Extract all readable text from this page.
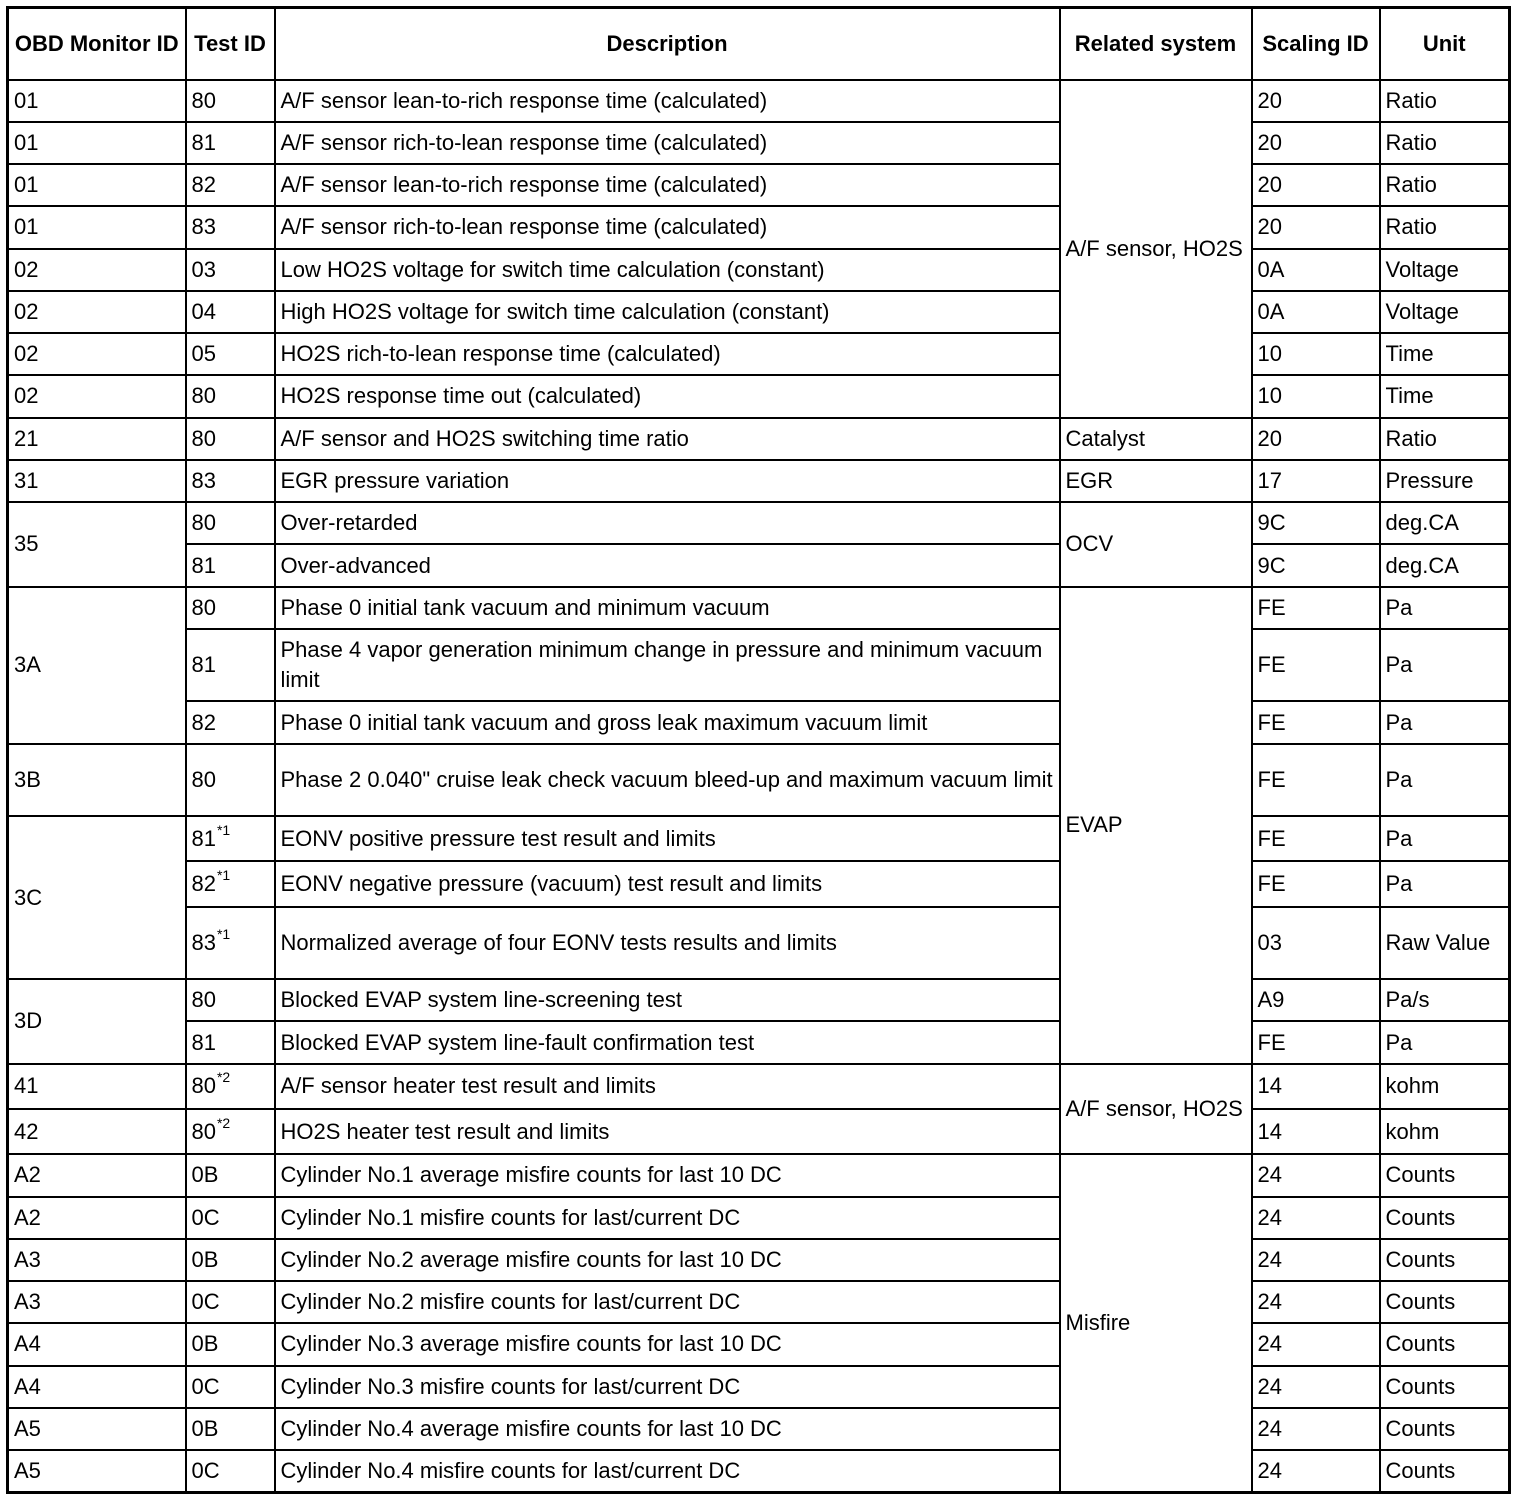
OBD Monitor ID	Test ID	Description	Related system	Scaling ID	Unit
01	80	A/F sensor lean-to-rich response time (calculated)	A/F sensor, HO2S	20	Ratio
01	81	A/F sensor rich-to-lean response time (calculated)		20	Ratio
01	82	A/F sensor lean-to-rich response time (calculated)		20	Ratio
01	83	A/F sensor rich-to-lean response time (calculated)		20	Ratio
02	03	Low HO2S voltage for switch time calculation (constant)		0A	Voltage
02	04	High HO2S voltage for switch time calculation (constant)		0A	Voltage
02	05	HO2S rich-to-lean response time (calculated)		10	Time
02	80	HO2S response time out (calculated)		10	Time
21	80	A/F sensor and HO2S switching time ratio	Catalyst	20	Ratio
31	83	EGR pressure variation	EGR	17	Pressure
35	80	Over-retarded	OCV	9C	deg.CA
	81	Over-advanced		9C	deg.CA
3A	80	Phase 0 initial tank vacuum and minimum vacuum	EVAP	FE	Pa
	81	Phase 4 vapor generation minimum change in pressure and minimum vacuum limit		FE	Pa
	82	Phase 0 initial tank vacuum and gross leak maximum vacuum limit		FE	Pa
3B	80	Phase 2 0.040" cruise leak check vacuum bleed-up and maximum vacuum limit		FE	Pa
3C	81$^{*1}$	EONV positive pressure test result and limits		FE	Pa
	82$^{*1}$	EONV negative pressure (vacuum) test result and limits		FE	Pa
	83$^{*1}$	Normalized average of four EONV tests results and limits		03	Raw Value
3D	80	Blocked EVAP system line-screening test		A9	Pa/s
	81	Blocked EVAP system line-fault confirmation test		FE	Pa
41	80$^{*2}$	A/F sensor heater test result and limits	A/F sensor, HO2S	14	kohm
42	80$^{*2}$	HO2S heater test result and limits		14	kohm
A2	0B	Cylinder No.1 average misfire counts for last 10 DC	Misfire	24	Counts
A2	0C	Cylinder No.1 misfire counts for last/current DC		24	Counts
A3	0B	Cylinder No.2 average misfire counts for last 10 DC		24	Counts
A3	0C	Cylinder No.2 misfire counts for last/current DC		24	Counts
A4	0B	Cylinder No.3 average misfire counts for last 10 DC		24	Counts
A4	0C	Cylinder No.3 misfire counts for last/current DC		24	Counts
A5	0B	Cylinder No.4 average misfire counts for last 10 DC		24	Counts
A5	0C	Cylinder No.4 misfire counts for last/current DC		24	Counts
